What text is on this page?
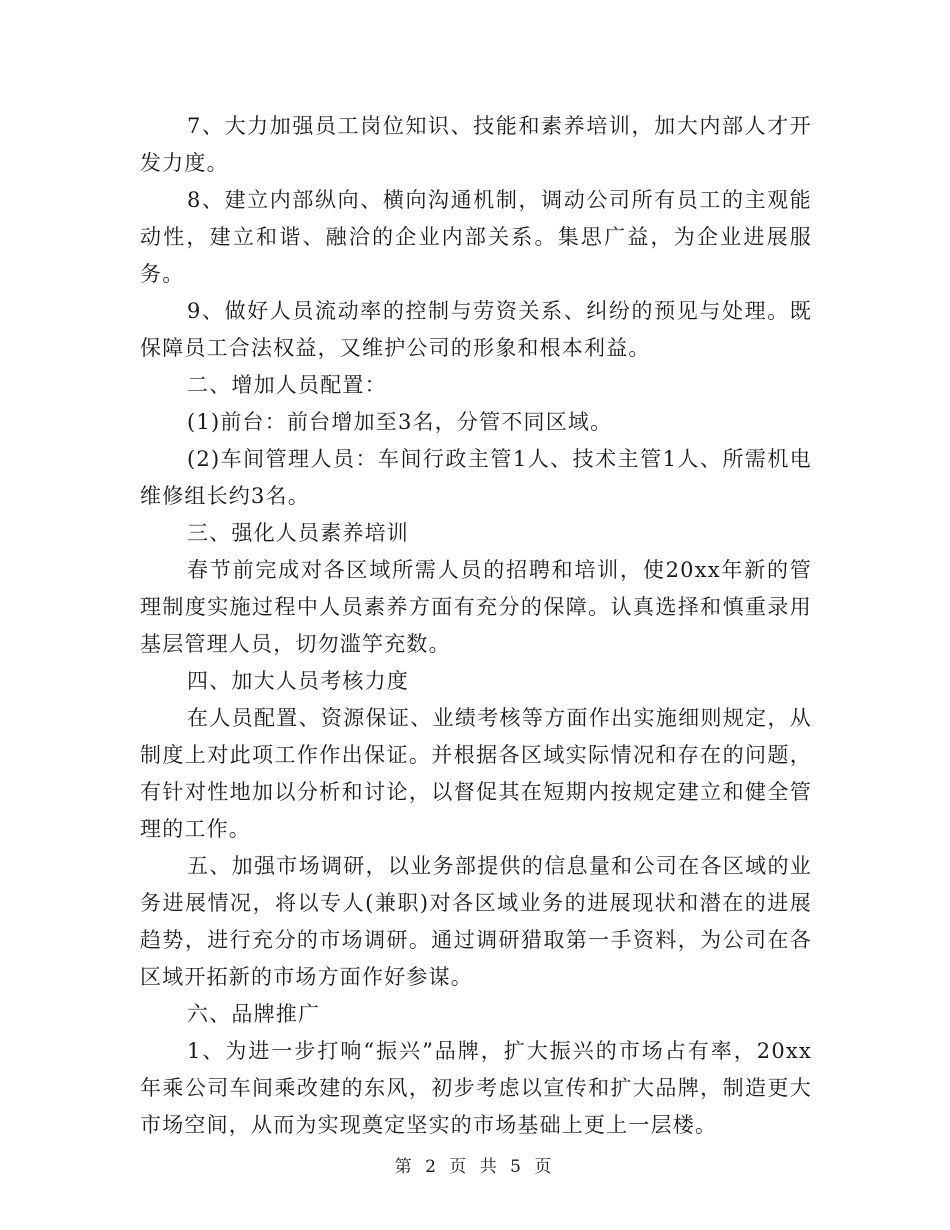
7、大力加强员工岗位知识、技能和素养培训，加大内部人才开发力度。

8、建立内部纵向、横向沟通机制，调动公司所有员工的主观能动性，建立和谐、融洽的企业内部关系。集思广益，为企业进展服务。

9、做好人员流动率的控制与劳资关系、纠纷的预见与处理。既保障员工合法权益，又维护公司的形象和根本利益。

二、增加人员配置：

(1)前台：前台增加至3名，分管不同区域。

(2)车间管理人员：车间行政主管1人、技术主管1人、所需机电维修组长约3名。

三、强化人员素养培训

春节前完成对各区域所需人员的招聘和培训，使20xx年新的管理制度实施过程中人员素养方面有充分的保障。认真选择和慎重录用基层管理人员，切勿滥竽充数。

四、加大人员考核力度

在人员配置、资源保证、业绩考核等方面作出实施细则规定，从制度上对此项工作作出保证。并根据各区域实际情况和存在的问题，有针对性地加以分析和讨论，以督促其在短期内按规定建立和健全管理的工作。

五、加强市场调研，以业务部提供的信息量和公司在各区域的业务进展情况，将以专人(兼职)对各区域业务的进展现状和潜在的进展趋势，进行充分的市场调研。通过调研猎取第一手资料，为公司在各区域开拓新的市场方面作好参谋。

六、品牌推广

1、为进一步打响“振兴”品牌，扩大振兴的市场占有率，20xx年乘公司车间乘改建的东风，初步考虑以宣传和扩大品牌，制造更大市场空间，从而为实现奠定坚实的市场基础上更上一层楼。

第 2 页 共 5 页
